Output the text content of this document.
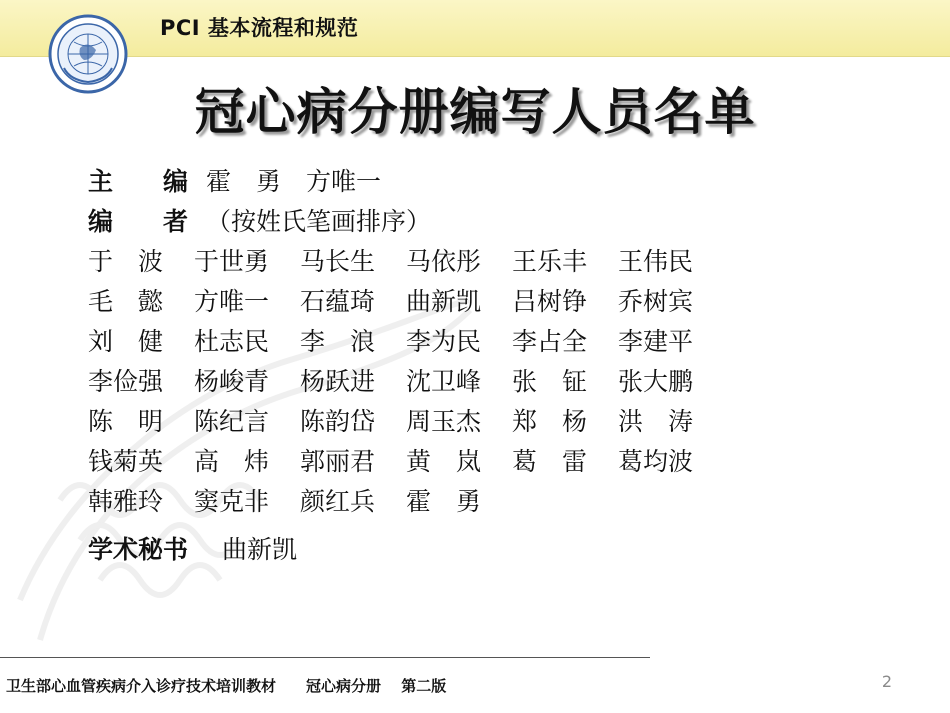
PCI 基本流程和规范
冠心病分册编写人员名单
主　　编 霍　勇　方唯一
编　　者 （按姓氏笔画排序）
于　波	于世勇	马长生	马依彤	王乐丰	王伟民
毛　懿	方唯一	石蕴琦	曲新凯	吕树铮	乔树宾
刘　健	杜志民	李　浪	李为民	李占全	李建平
李俭强	杨峻青	杨跃进	沈卫峰	张　钲	张大鹏
陈　明	陈纪言	陈韵岱	周玉杰	郑　杨	洪　涛
钱菊英	高　炜	郭丽君	黄　岚	葛　雷	葛均波
韩雅玲	窦克非	颜红兵	霍　勇
学术秘书 曲新凯
卫生部心血管疾病介入诊疗技术培训教材　　冠心病分册　 第二版	2
